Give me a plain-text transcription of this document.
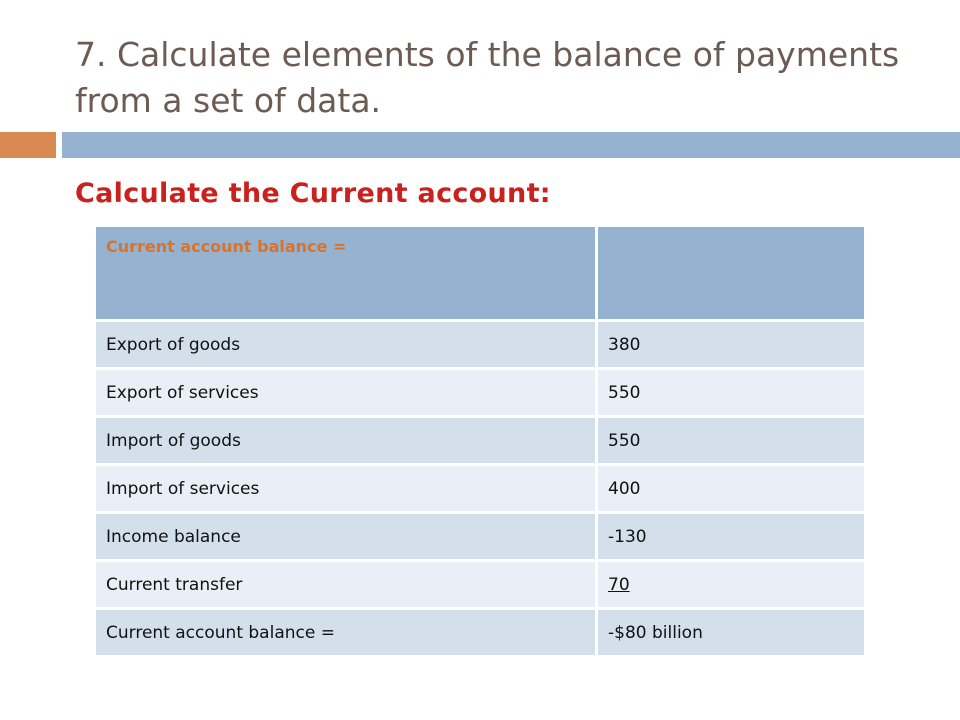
7. Calculate elements of the balance of payments from a set of data.
Calculate the Current account:
Current account balance =	
Export of goods	380
Export of services	550
Import of goods	550
Import of services	400
Income balance	-130
Current transfer	70
Current account balance =	-$80 billion
